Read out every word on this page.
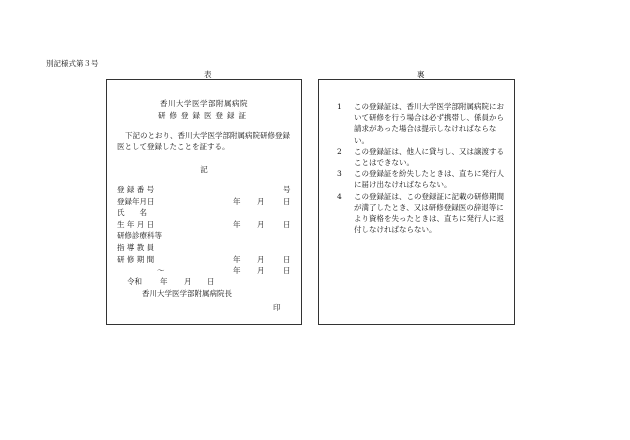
別記様式第３号
表	裏
香川大学医学部附属病院
研修登録医登録証
下記のとおり、香川大学医学部附属病院研修登録医として登録したことを証する。
記
登 録 番 号	号
登録年月日	年 月 日
氏　　名
生 年 月 日	年 月 日
研修診療科等
指 導 教 員
研 修 期 間	年 月 日
～	年 月 日
令和 年 月 日
香川大学医学部附属病院長
印
1 この登録証は、香川大学医学部附属病院において研修を行う場合は必ず携帯し、係員から請求があった場合は提示しなければならない。
2 この登録証は、他人に貸与し、又は譲渡することはできない。
3 この登録証を紛失したときは、直ちに発行人に届け出なければならない。
4 この登録証は、この登録証に記載の研修期間が満了したとき、又は研修登録医の辞退等により資格を失ったときは、直ちに発行人に返付しなければならない。
